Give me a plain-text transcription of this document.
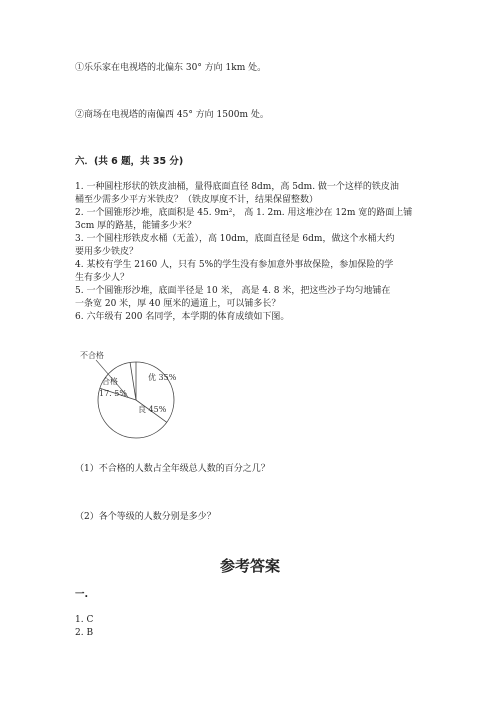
①乐乐家在电视塔的北偏东 30° 方向 1km 处。
②商场在电视塔的南偏西 45° 方向 1500m 处。
六．(共 6 题，共 35 分)
1. 一种圆柱形状的铁皮油桶，量得底面直径 8dm，高 5dm. 做一个这样的铁皮油
桶至少需多少平方米铁皮？（铁皮厚度不计，结果保留整数）
2. 一个圆锥形沙堆，底面积是 45. 9m²， 高 1. 2m. 用这堆沙在 12m 宽的路面上铺
3cm 厚的路基，能铺多少米？
3. 一个圆柱形铁皮水桶（无盖），高 10dm，底面直径是 6dm，做这个水桶大约
要用多少铁皮？
4. 某校有学生 2160 人，只有 5%的学生没有参加意外事故保险，参加保险的学
生有多少人？
5. 一个圆锥形沙堆，底面半径是 10 米， 高是 4. 8 米，把这些沙子均匀地铺在
一条宽 20 米，厚 40 厘米的通道上，可以铺多长？
6. 六年级有 200 名同学，本学期的体育成绩如下图。
不合格
合格
17. 5%
优 35%
良 45%
（1）不合格的人数占全年级总人数的百分之几？
（2）各个等级的人数分别是多少？
参考答案
一.
1. C
2. B
